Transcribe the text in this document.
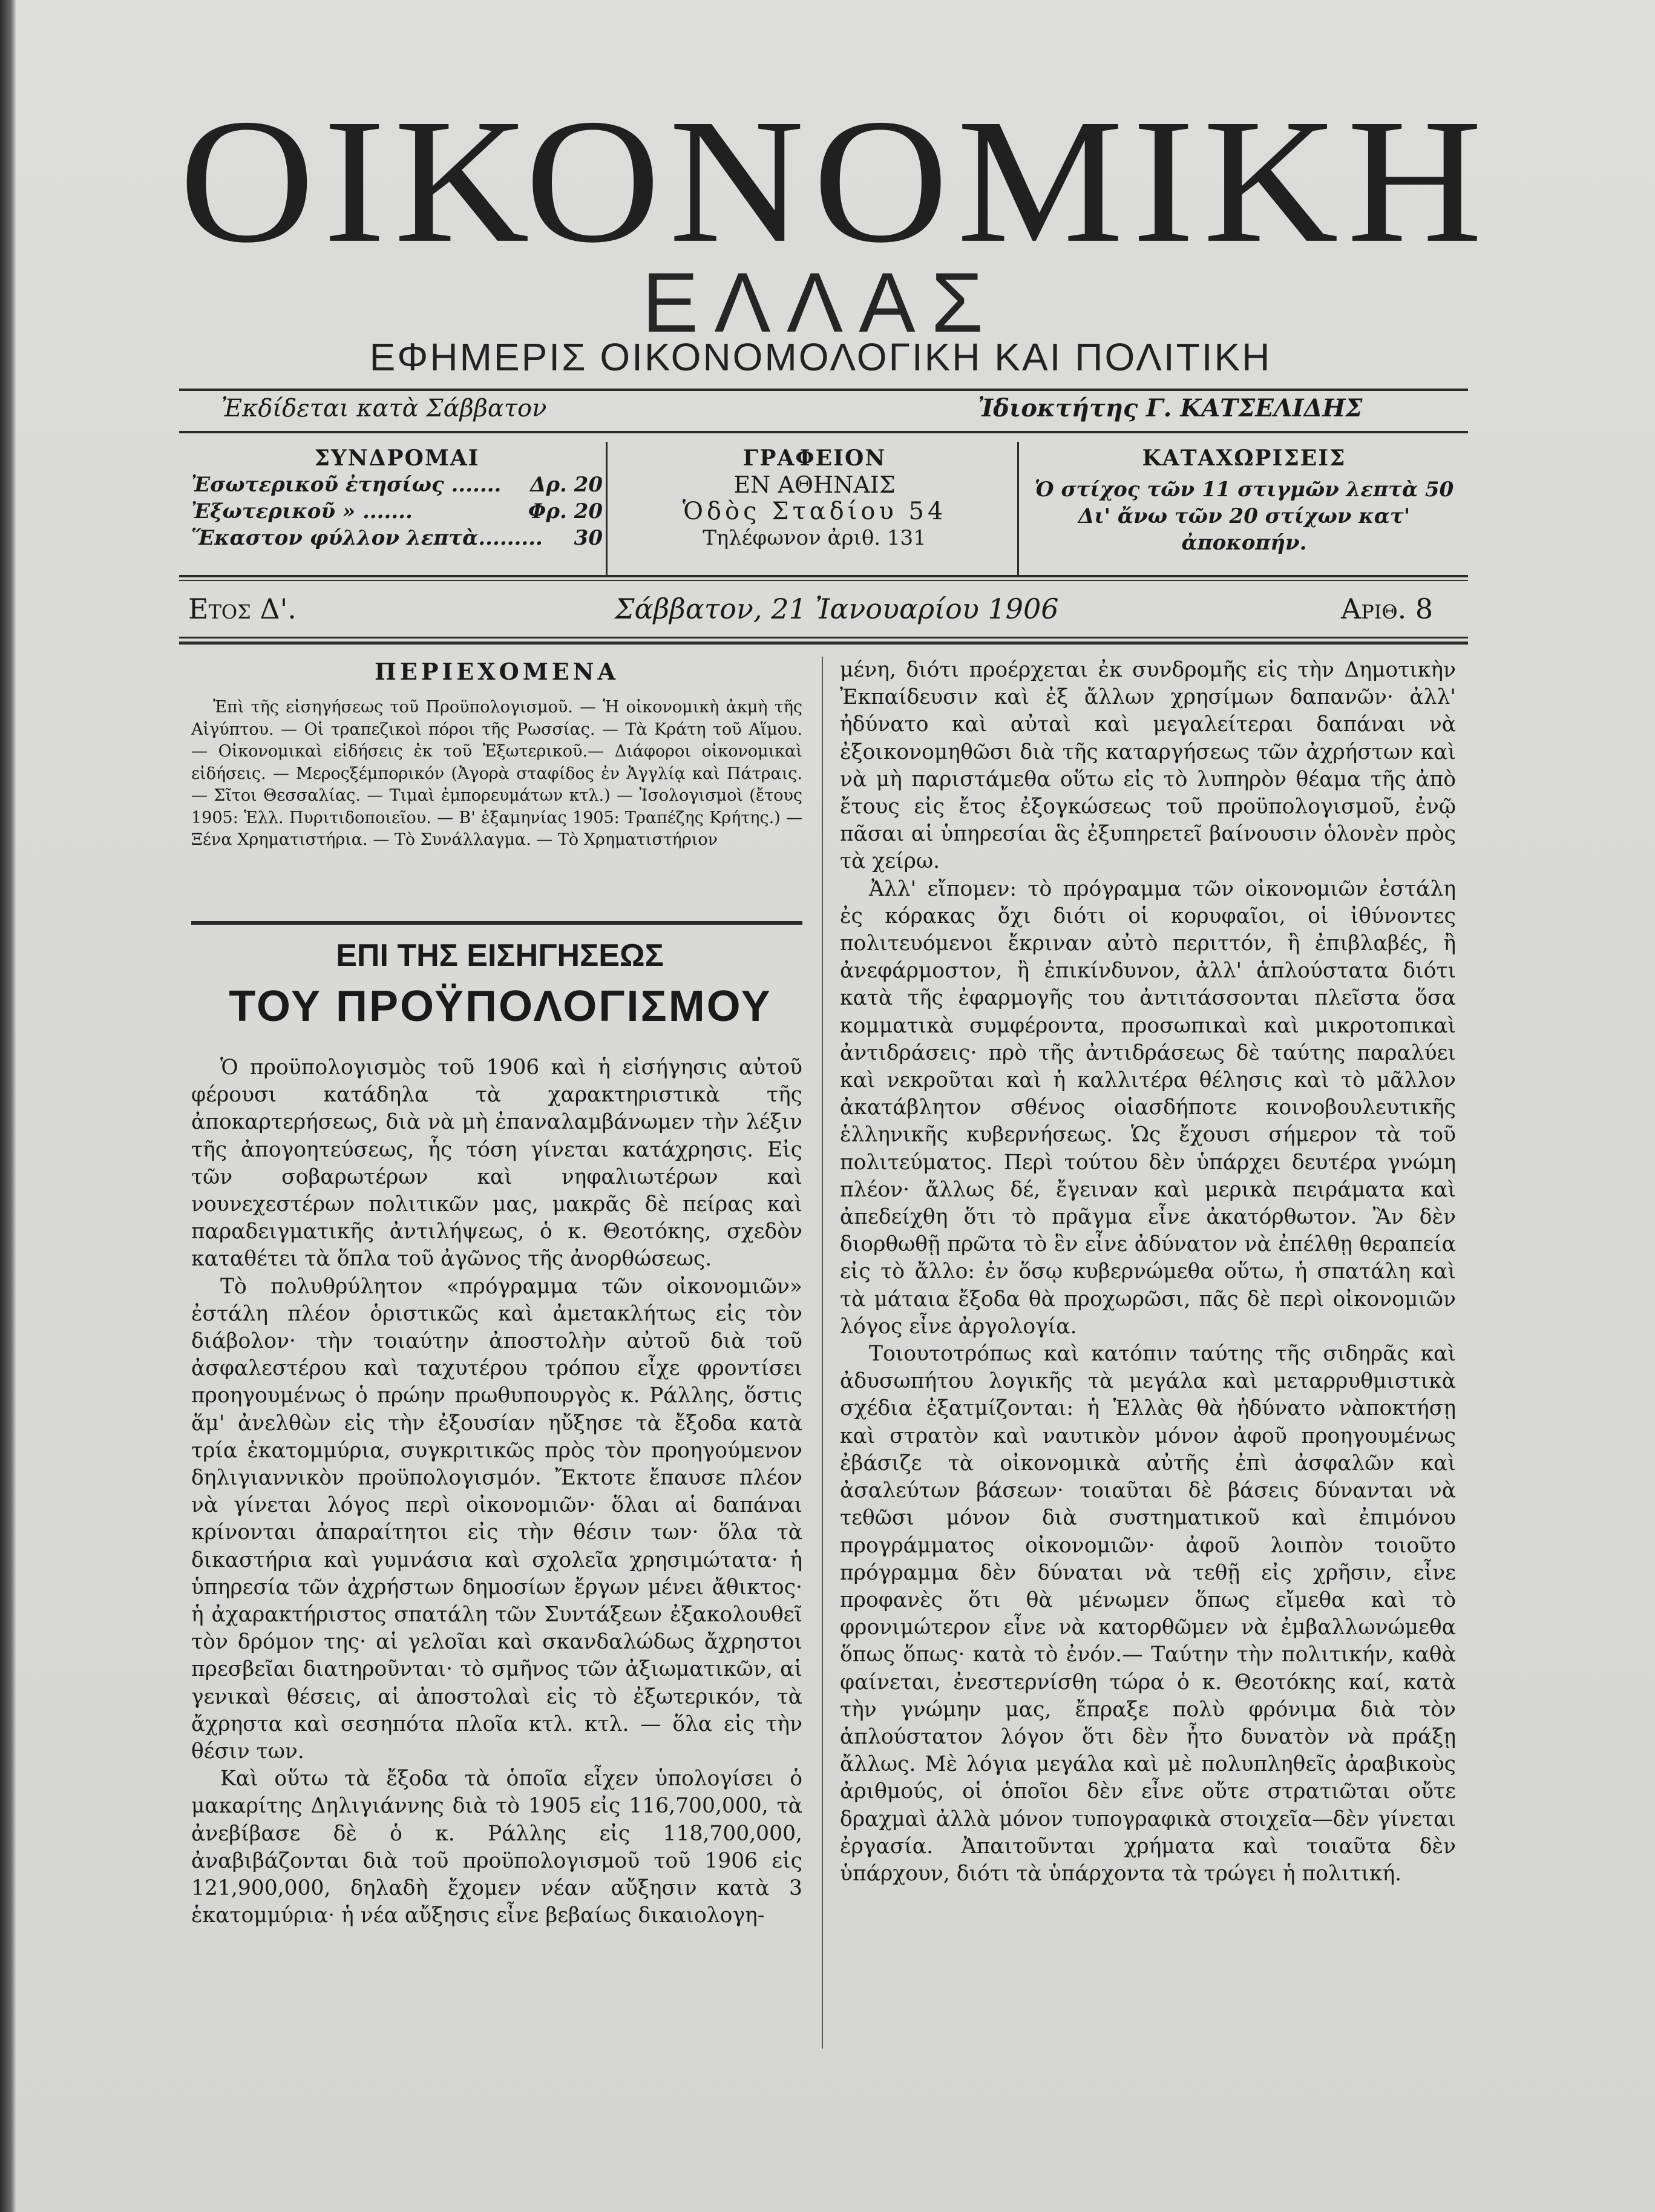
ΟΙΚΟΝΟΜΙΚΗ
ΕΛΛΑΣ
ΕΦΗΜΕΡΙΣ ΟΙΚΟΝΟΜΟΛΟΓΙΚΗ ΚΑΙ ΠΟΛΙΤΙΚΗ
Ἐκδίδεται κατὰ Σάββατον	Ἰδιοκτήτης Γ. ΚΑΤΣΕΛΙΔΗΣ
ΣΥΝΔΡΟΜΑΙ
Ἐσωτερικοῦ ἐτησίως ....... Δρ. 20
Ἐξωτερικοῦ » .......	Φρ. 20
Ἕκαστον φύλλον λεπτὰ......... 30
ΓΡΑΦΕΙΟΝ
ΕΝ ΑΘΗΝΑΙΣ
Ὁδὸς Σταδίου 54
Τηλέφωνον ἀριθ. 131
ΚΑΤΑΧΩΡΙΣΕΙΣ
Ὁ στίχος τῶν 11 στιγμῶν λεπτὰ 50 Δι' ἄνω τῶν 20 στίχων κατ' ἀποκοπήν.
Ετος Δ'.	Σάββατον, 21 Ἰανουαρίου 1906	Αριθ. 8
ΠΕΡΙΕΧΟΜΕΝΑ
Ἐπὶ τῆς εἰσηγήσεως τοῦ Προϋπολογισμοῦ. — Ἡ οἰκονομικὴ ἀκμὴ τῆς Αἰγύπτου. — Οἱ τραπεζικοὶ πόροι τῆς Ρωσσίας. — Τὰ Κράτη τοῦ Αἵμου. — Οἰκονομικαὶ εἰδήσεις ἐκ τοῦ Ἐξωτερικοῦ.— Διάφοροι οἰκονομικαὶ εἰδήσεις. — Μεροςξέμπορικόν (Ἀγορὰ σταφίδος ἐν Ἀγγλίᾳ καὶ Πάτραις. — Σῖτοι Θεσσαλίας. — Τιμαὶ ἐμπορευμάτων κτλ.) — Ἰσολογισμοὶ (ἔτους 1905: Ἑλλ. Πυριτιδοποιεῖου. — Β' ἑξαμηνίας 1905: Τραπέζης Κρήτης.) — Ξένα Χρηματιστήρια. — Τὸ Συνάλλαγμα. — Τὸ Χρηματιστήριον
ΕΠΙ ΤΗΣ ΕΙΣΗΓΗΣΕΩΣ
ΤΟΥ ΠΡΟΫΠΟΛΟΓΙΣΜΟΥ

Ὁ προϋπολογισμὸς τοῦ 1906 καὶ ἡ εἰσήγησις αὐτοῦ φέρουσι κατάδηλα τὰ χαρακτηριστικὰ τῆς ἀποκαρτερήσεως, διὰ νὰ μὴ ἐπαναλαμβάνωμεν τὴν λέξιν τῆς ἀπογοητεύσεως, ἧς τόση γίνεται κατάχρησις. Εἰς τῶν σοβαρωτέρων καὶ νηφαλιωτέρων καὶ νουνεχεστέρων πολιτικῶν μας, μακρᾶς δὲ πείρας καὶ παραδειγματικῆς ἀντιλήψεως, ὁ κ. Θεοτόκης, σχεδὸν καταθέτει τὰ ὅπλα τοῦ ἀγῶνος τῆς ἀνορθώσεως.

Τὸ πολυθρύλητον «πρόγραμμα τῶν οἰκονομιῶν» ἐστάλη πλέον ὁριστικῶς καὶ ἀμετακλήτως εἰς τὸν διάβολον· τὴν τοιαύτην ἀποστολὴν αὐτοῦ διὰ τοῦ ἀσφαλεστέρου καὶ ταχυτέρου τρόπου εἶχε φροντίσει προηγουμένως ὁ πρώην πρωθυπουργὸς κ. Ράλλης, ὅστις ἅμ' ἀνελθὼν εἰς τὴν ἐξουσίαν ηὔξησε τὰ ἔξοδα κατὰ τρία ἑκατομμύρια, συγκριτικῶς πρὸς τὸν προηγούμενον δηλιγιαννικὸν προϋπολογισμόν. Ἔκτοτε ἔπαυσε πλέον νὰ γίνεται λόγος περὶ οἰκονομιῶν· ὅλαι αἱ δαπάναι κρίνονται ἀπαραίτητοι εἰς τὴν θέσιν των· ὅλα τὰ δικαστήρια καὶ γυμνάσια καὶ σχολεῖα χρησιμώτατα· ἡ ὑπηρεσία τῶν ἀχρήστων δημοσίων ἔργων μένει ἄθικτος· ἡ ἀχαρακτήριστος σπατάλη τῶν Συντάξεων ἐξακολουθεῖ τὸν δρόμον της· αἱ γελοῖαι καὶ σκανδαλώδως ἄχρηστοι πρεσβεῖαι διατηροῦνται· τὸ σμῆνος τῶν ἀξιωματικῶν, αἱ γενικαὶ θέσεις, αἱ ἀποστολαὶ εἰς τὸ ἐξωτερικόν, τὰ ἄχρηστα καὶ σεσηπότα πλοῖα κτλ. κτλ. — ὅλα εἰς τὴν θέσιν των.

Καὶ οὕτω τὰ ἔξοδα τὰ ὁποῖα εἶχεν ὑπολογίσει ὁ μακαρίτης Δηλιγιάννης διὰ τὸ 1905 εἰς 116,700,000, τὰ ἀνεβίβασε δὲ ὁ κ. Ράλλης εἰς 118,700,000, ἀναβιβάζονται διὰ τοῦ προϋπολογισμοῦ τοῦ 1906 εἰς 121,900,000, δηλαδὴ ἔχομεν νέαν αὔξησιν κατὰ 3 ἑκατομμύρια· ἡ νέα αὔξησις εἶνε βεβαίως δικαιολογη-

μένη, διότι προέρχεται ἐκ συνδρομῆς εἰς τὴν Δημοτικὴν Ἐκπαίδευσιν καὶ ἐξ ἄλλων χρησίμων δαπανῶν· ἀλλ' ἠδύνατο καὶ αὐταὶ καὶ μεγαλείτεραι δαπάναι νὰ ἐξοικονομηθῶσι διὰ τῆς καταργήσεως τῶν ἀχρήστων καὶ νὰ μὴ παριστάμεθα οὕτω εἰς τὸ λυπηρὸν θέαμα τῆς ἀπὸ ἔτους εἰς ἔτος ἐξογκώσεως τοῦ προϋπολογισμοῦ, ἐνῷ πᾶσαι αἱ ὑπηρεσίαι ἃς ἐξυπηρετεῖ βαίνουσιν ὁλονὲν πρὸς τὰ χείρω.

Ἀλλ' εἴπομεν: τὸ πρόγραμμα τῶν οἰκονομιῶν ἐστάλη ἐς κόρακας ὄχι διότι οἱ κορυφαῖοι, οἱ ἰθύνοντες πολιτευόμενοι ἔκριναν αὐτὸ περιττόν, ἢ ἐπιβλαβές, ἢ ἀνεφάρμοστον, ἢ ἐπικίνδυνον, ἀλλ' ἁπλούστατα διότι κατὰ τῆς ἐφαρμογῆς του ἀντιτάσσονται πλεῖστα ὅσα κομματικὰ συμφέροντα, προσωπικαὶ καὶ μικροτοπικαὶ ἀντιδράσεις· πρὸ τῆς ἀντιδράσεως δὲ ταύτης παραλύει καὶ νεκροῦται καὶ ἡ καλλιτέρα θέλησις καὶ τὸ μᾶλλον ἀκατάβλητον σθένος οἱασδήποτε κοινοβουλευτικῆς ἑλληνικῆς κυβερνήσεως. Ὡς ἔχουσι σήμερον τὰ τοῦ πολιτεύματος. Περὶ τούτου δὲν ὑπάρχει δευτέρα γνώμη πλέον· ἄλλως δέ, ἔγειναν καὶ μερικὰ πειράματα καὶ ἀπεδείχθη ὅτι τὸ πρᾶγμα εἶνε ἀκατόρθωτον. Ἂν δὲν διορθωθῇ πρῶτα τὸ ἓν εἶνε ἀδύνατον νὰ ἐπέλθῃ θεραπεία εἰς τὸ ἄλλο: ἐν ὅσῳ κυβερνώμεθα οὕτω, ἡ σπατάλη καὶ τὰ μάταια ἔξοδα θὰ προχωρῶσι, πᾶς δὲ περὶ οἰκονομιῶν λόγος εἶνε ἀργολογία.

Τοιουτοτρόπως καὶ κατόπιν ταύτης τῆς σιδηρᾶς καὶ ἀδυσωπήτου λογικῆς τὰ μεγάλα καὶ μεταρρυθμιστικὰ σχέδια ἐξατμίζονται: ἡ Ἑλλὰς θὰ ἠδύνατο νὰποκτήσῃ καὶ στρατὸν καὶ ναυτικὸν μόνον ἀφοῦ προηγουμένως ἐβάσιζε τὰ οἰκονομικὰ αὐτῆς ἐπὶ ἀσφαλῶν καὶ ἀσαλεύτων βάσεων· τοιαῦται δὲ βάσεις δύνανται νὰ τεθῶσι μόνον διὰ συστηματικοῦ καὶ ἐπιμόνου προγράμματος οἰκονομιῶν· ἀφοῦ λοιπὸν τοιοῦτο πρόγραμμα δὲν δύναται νὰ τεθῇ εἰς χρῆσιν, εἶνε προφανὲς ὅτι θὰ μένωμεν ὅπως εἴμεθα καὶ τὸ φρονιμώτερον εἶνε νὰ κατορθῶμεν νὰ ἐμβαλλωνώμεθα ὅπως ὅπως· κατὰ τὸ ἐνόν.— Ταύτην τὴν πολιτικήν, καθὰ φαίνεται, ἐνεστερνίσθη τώρα ὁ κ. Θεοτόκης καί, κατὰ τὴν γνώμην μας, ἔπραξε πολὺ φρόνιμα διὰ τὸν ἁπλούστατον λόγον ὅτι δὲν ἦτο δυνατὸν νὰ πράξῃ ἄλλως. Μὲ λόγια μεγάλα καὶ μὲ πολυπληθεῖς ἀραβικοὺς ἀριθμούς, οἱ ὁποῖοι δὲν εἶνε οὔτε στρατιῶται οὔτε δραχμαὶ ἀλλὰ μόνον τυπογραφικὰ στοιχεῖα—δὲν γίνεται ἐργασία. Ἀπαιτοῦνται χρήματα καὶ τοιαῦτα δὲν ὑπάρχουν, διότι τὰ ὑπάρχοντα τὰ τρώγει ἡ πολιτική.
